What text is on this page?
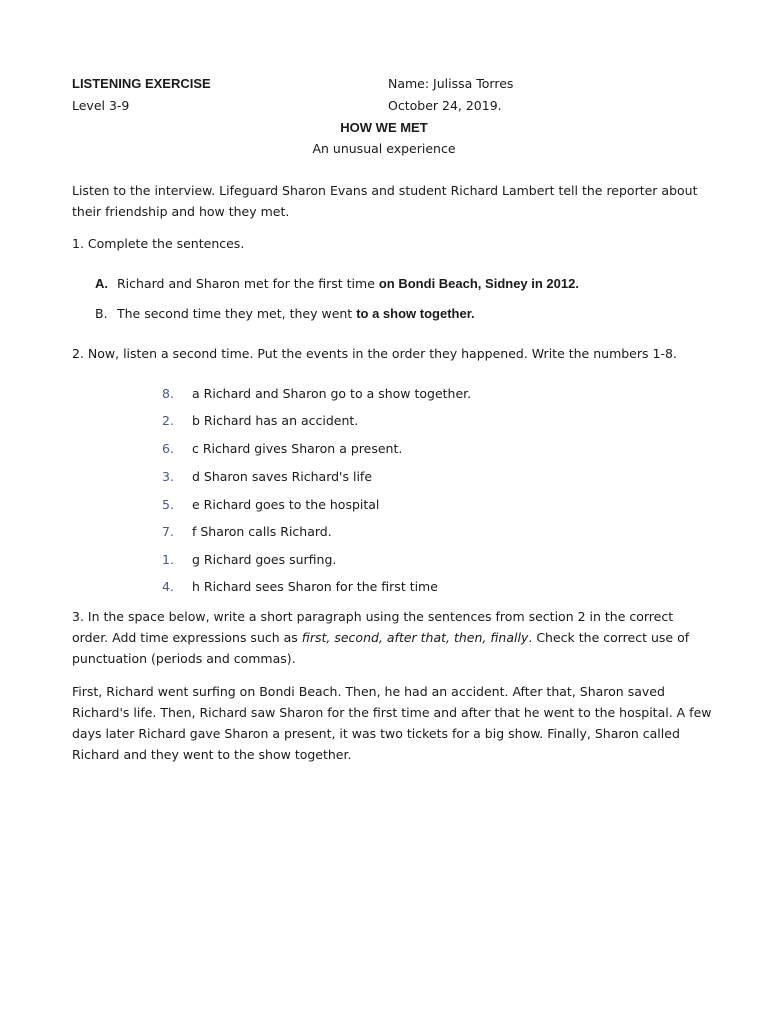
LISTENING EXERCISE
Level 3-9
Name: Julissa Torres
October 24, 2019.
HOW WE MET
An unusual experience
Listen to the interview. Lifeguard Sharon Evans and student Richard Lambert tell the reporter about their friendship and how they met.
1. Complete the sentences.
A. Richard and Sharon met for the first time on Bondi Beach, Sidney in 2012.
B. The second time they met, they went to a show together.
2. Now, listen a second time. Put the events in the order they happened. Write the numbers 1-8.
8. a Richard and Sharon go to a show together.
2. b Richard has an accident.
6. c Richard gives Sharon a present.
3. d Sharon saves Richard's life
5. e Richard goes to the hospital
7. f Sharon calls Richard.
1. g Richard goes surfing.
4. h Richard sees Sharon for the first time
3. In the space below, write a short paragraph using the sentences from section 2 in the correct order. Add time expressions such as first, second, after that, then, finally. Check the correct use of punctuation (periods and commas).
First, Richard went surfing on Bondi Beach. Then, he had an accident. After that, Sharon saved Richard's life. Then, Richard saw Sharon for the first time and after that he went to the hospital. A few days later Richard gave Sharon a present, it was two tickets for a big show. Finally, Sharon called Richard and they went to the show together.
